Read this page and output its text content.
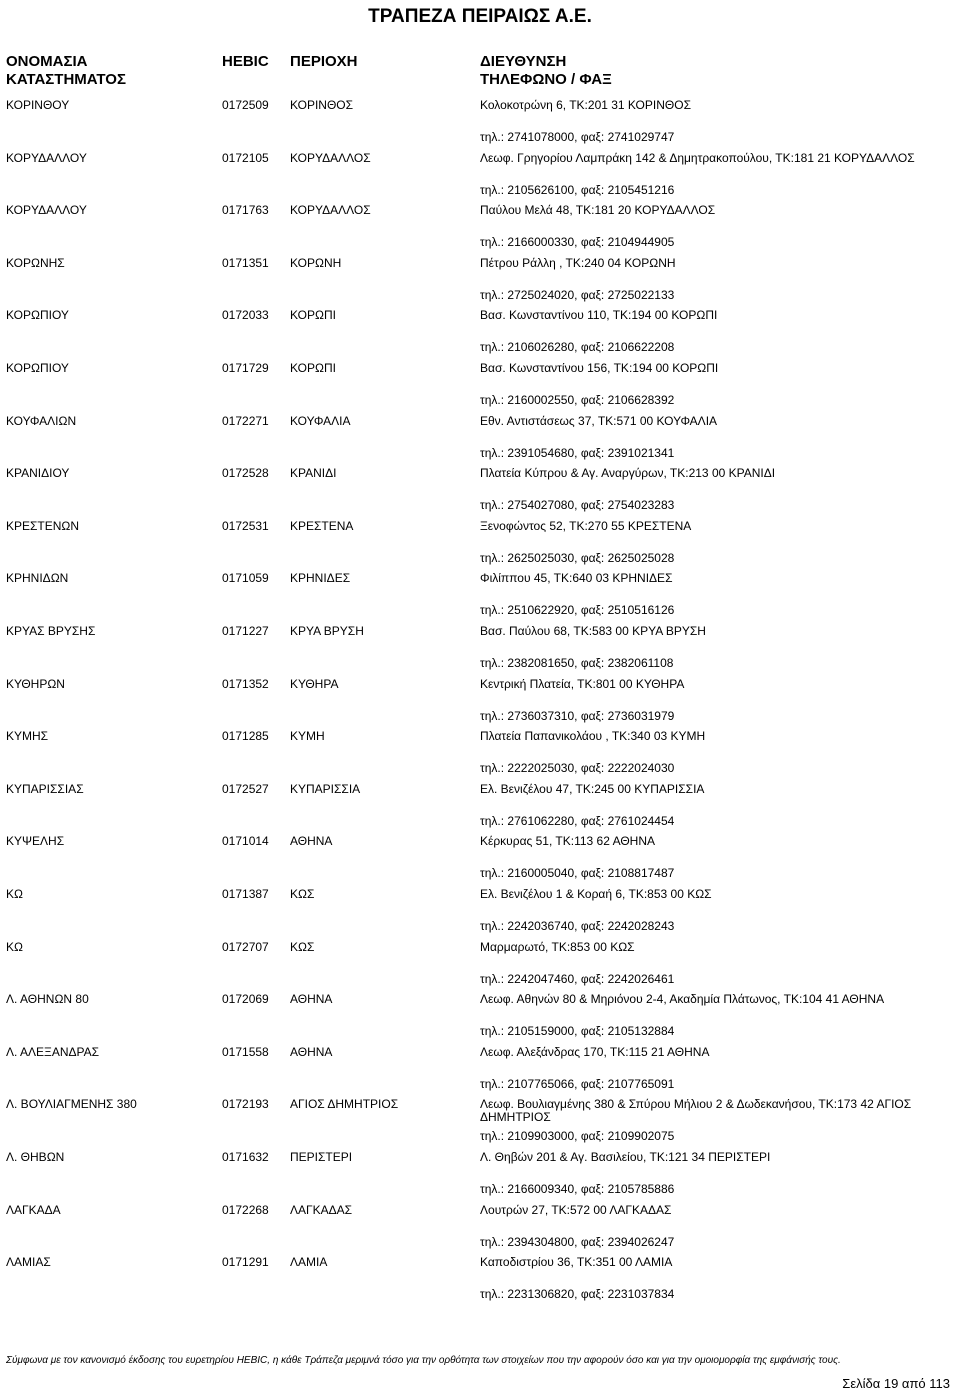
ΤΡΑΠΕΖΑ ΠΕΙΡΑΙΩΣ Α.Ε.
ΟΝΟΜΑΣΙΑ
ΚΑΤΑΣΤΗΜΑΤΟΣ
HEBIC ΠΕΡΙΟΧΗ	ΔΙΕΥΘΥΝΣΗ
ΤΗΛΕΦΩΝΟ / ΦΑΞ
ΚΟΡΙΝΘΟΥ	0172509 ΚΟΡΙΝΘΟΣ	Κολοκοτρώνη 6, ΤΚ:201 31 ΚΟΡΙΝΘΟΣ
τηλ.: 2741078000, φαξ: 2741029747
ΚΟΡΥΔΑΛΛΟΥ	0172105 ΚΟΡΥΔΑΛΛΟΣ	Λεωφ. Γρηγορίου Λαμπράκη 142 & Δημητρακοπούλου, ΤΚ:181 21 ΚΟΡΥΔΑΛΛΟΣ
τηλ.: 2105626100, φαξ: 2105451216
ΚΟΡΥΔΑΛΛΟΥ	0171763 ΚΟΡΥΔΑΛΛΟΣ	Παύλου Μελά 48, ΤΚ:181 20 ΚΟΡΥΔΑΛΛΟΣ
τηλ.: 2166000330, φαξ: 2104944905
ΚΟΡΩΝΗΣ	0171351 ΚΟΡΩΝΗ	Πέτρου Ράλλη , ΤΚ:240 04 ΚΟΡΩΝΗ
τηλ.: 2725024020, φαξ: 2725022133
ΚΟΡΩΠΙΟΥ	0172033 ΚΟΡΩΠΙ	Βασ. Κωνσταντίνου 110, ΤΚ:194 00 ΚΟΡΩΠΙ
τηλ.: 2106026280, φαξ: 2106622208
ΚΟΡΩΠΙΟΥ	0171729 ΚΟΡΩΠΙ	Βασ. Κωνσταντίνου 156, ΤΚ:194 00 ΚΟΡΩΠΙ
τηλ.: 2160002550, φαξ: 2106628392
ΚΟΥΦΑΛΙΩΝ	0172271 ΚΟΥΦΑΛΙΑ	Εθν. Αντιστάσεως 37, ΤΚ:571 00 ΚΟΥΦΑΛΙΑ
τηλ.: 2391054680, φαξ: 2391021341
ΚΡΑΝΙΔΙΟΥ	0172528 ΚΡΑΝΙΔΙ	Πλατεία Κύπρου & Αγ. Αναργύρων, ΤΚ:213 00 ΚΡΑΝΙΔΙ
τηλ.: 2754027080, φαξ: 2754023283
ΚΡΕΣΤΕΝΩΝ	0172531 ΚΡΕΣΤΕΝΑ	Ξενοφώντος 52, ΤΚ:270 55 ΚΡΕΣΤΕΝΑ
τηλ.: 2625025030, φαξ: 2625025028
ΚΡΗΝΙΔΩΝ	0171059 ΚΡΗΝΙΔΕΣ	Φιλίππου 45, ΤΚ:640 03 ΚΡΗΝΙΔΕΣ
τηλ.: 2510622920, φαξ: 2510516126
ΚΡΥΑΣ ΒΡΥΣΗΣ	0171227 ΚΡΥΑ ΒΡΥΣΗ	Βασ. Παύλου 68, ΤΚ:583 00 ΚΡΥΑ ΒΡΥΣΗ
τηλ.: 2382081650, φαξ: 2382061108
ΚΥΘΗΡΩΝ	0171352 ΚΥΘΗΡΑ	Κεντρική Πλατεία, ΤΚ:801 00 ΚΥΘΗΡΑ
τηλ.: 2736037310, φαξ: 2736031979
ΚΥΜΗΣ	0171285 ΚΥΜΗ	Πλατεία Παπανικολάου , ΤΚ:340 03 ΚΥΜΗ
τηλ.: 2222025030, φαξ: 2222024030
ΚΥΠΑΡΙΣΣΙΑΣ	0172527 ΚΥΠΑΡΙΣΣΙΑ	Ελ. Βενιζέλου 47, ΤΚ:245 00 ΚΥΠΑΡΙΣΣΙΑ
τηλ.: 2761062280, φαξ: 2761024454
ΚΥΨΕΛΗΣ	0171014 ΑΘΗΝΑ	Κέρκυρας 51, ΤΚ:113 62 ΑΘΗΝΑ
τηλ.: 2160005040, φαξ: 2108817487
ΚΩ	0171387 ΚΩΣ	Ελ. Βενιζέλου 1 & Κοραή 6, ΤΚ:853 00 ΚΩΣ
τηλ.: 2242036740, φαξ: 2242028243
ΚΩ	0172707 ΚΩΣ	Μαρμαρωτό, ΤΚ:853 00 ΚΩΣ
τηλ.: 2242047460, φαξ: 2242026461
Λ. ΑΘΗΝΩΝ 80	0172069 ΑΘΗΝΑ	Λεωφ. Αθηνών 80 & Μηριόνου 2-4, Ακαδημία Πλάτωνος, ΤΚ:104 41 ΑΘΗΝΑ
τηλ.: 2105159000, φαξ: 2105132884
Λ. ΑΛΕΞΑΝΔΡΑΣ	0171558 ΑΘΗΝΑ	Λεωφ. Αλεξάνδρας 170, ΤΚ:115 21 ΑΘΗΝΑ
τηλ.: 2107765066, φαξ: 2107765091
Λ. ΒΟΥΛΙΑΓΜΕΝΗΣ 380	0172193 ΑΓΙΟΣ ΔΗΜΗΤΡΙΟΣ	Λεωφ. Βουλιαγμένης 380 & Σπύρου Μήλιου 2 & Δωδεκανήσου, ΤΚ:173 42 ΑΓΙΟΣ ΔΗΜΗΤΡΙΟΣ
τηλ.: 2109903000, φαξ: 2109902075
Λ. ΘΗΒΩΝ	0171632 ΠΕΡΙΣΤΕΡΙ	Λ. Θηβών 201 & Αγ. Βασιλείου, ΤΚ:121 34 ΠΕΡΙΣΤΕΡΙ
τηλ.: 2166009340, φαξ: 2105785886
ΛΑΓΚΑΔΑ	0172268 ΛΑΓΚΑΔΑΣ	Λουτρών 27, ΤΚ:572 00 ΛΑΓΚΑΔΑΣ
τηλ.: 2394304800, φαξ: 2394026247
ΛΑΜΙΑΣ	0171291 ΛΑΜΙΑ	Καποδιστρίου 36, ΤΚ:351 00 ΛΑΜΙΑ
τηλ.: 2231306820, φαξ: 2231037834
Σύμφωνα με τον κανονισμό έκδοσης του ευρετηρίου HEBIC, η κάθε Τράπεζα μεριμνά τόσο για την ορθότητα των στοιχείων που την αφορούν όσο και για την ομοιομορφία της εμφάνισής τους.
Σελίδα 19 από 113
